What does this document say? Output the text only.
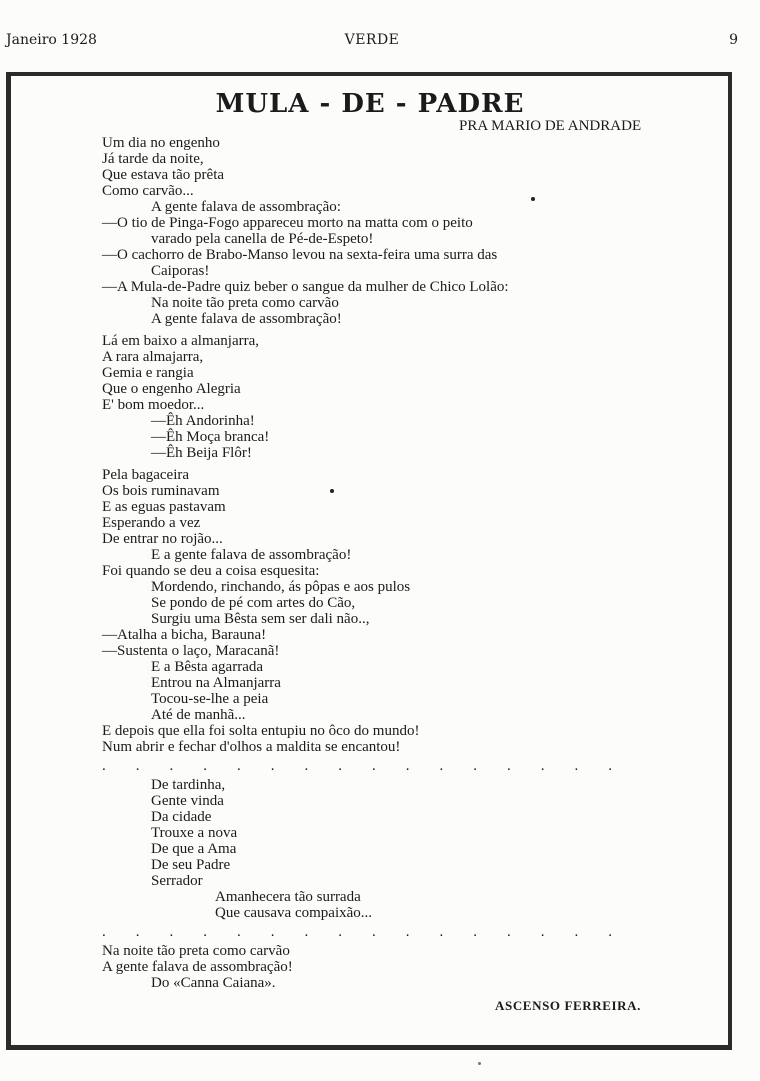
Janeiro 1928	VERDE	9
MULA - DE - PADRE
PRA MARIO DE ANDRADE
Um dia no engenho
Já tarde da noite,
Que estava tão prêta
Como carvão...
A gente falava de assombração:
—O tio de Pinga-Fogo appareceu morto na matta com o peito
varado pela canella de Pé-de-Espeto!
—O cachorro de Brabo-Manso levou na sexta-feira uma surra das
Caiporas!
—A Mula-de-Padre quiz beber o sangue da mulher de Chico Lolão:
Na noite tão preta como carvão
A gente falava de assombração!
Lá em baixo a almanjarra,
A rara almajarra,
Gemia e rangia
Que o engenho Alegria
E' bom moedor...
—Êh Andorinha!
—Êh Moça branca!
—Êh Beija Flôr!
Pela bagaceira
Os bois ruminavam
E as eguas pastavam
Esperando a vez
De entrar no rojão...
E a gente falava de assombração!
Foi quando se deu a coisa esquesita:
Mordendo, rinchando, ás pôpas e aos pulos
Se pondo de pé com artes do Cão,
Surgiu uma Bêsta sem ser dali não..,
—Atalha a bicha, Barauna!
—Sustenta o laço, Maracanã!
E a Bêsta agarrada
Entrou na Almanjarra
Tocou-se-lhe a peia
Até de manhã...
E depois que ella foi solta entupiu no ôco do mundo!
Num abrir e fechar d'olhos a maldita se encantou!
.        .        .        .        .        .        .        .        .        .        .        .        .        .        .        .
De tardinha,
Gente vinda
Da cidade
Trouxe a nova
De que a Ama
De seu Padre
Serrador
Amanhecera tão surrada
Que causava compaixão...
.        .        .        .        .        .        .        .        .        .        .        .        .        .        .        .
Na noite tão preta como carvão
A gente falava de assombração!
Do «Canna Caiana».
ASCENSO FERREIRA.
